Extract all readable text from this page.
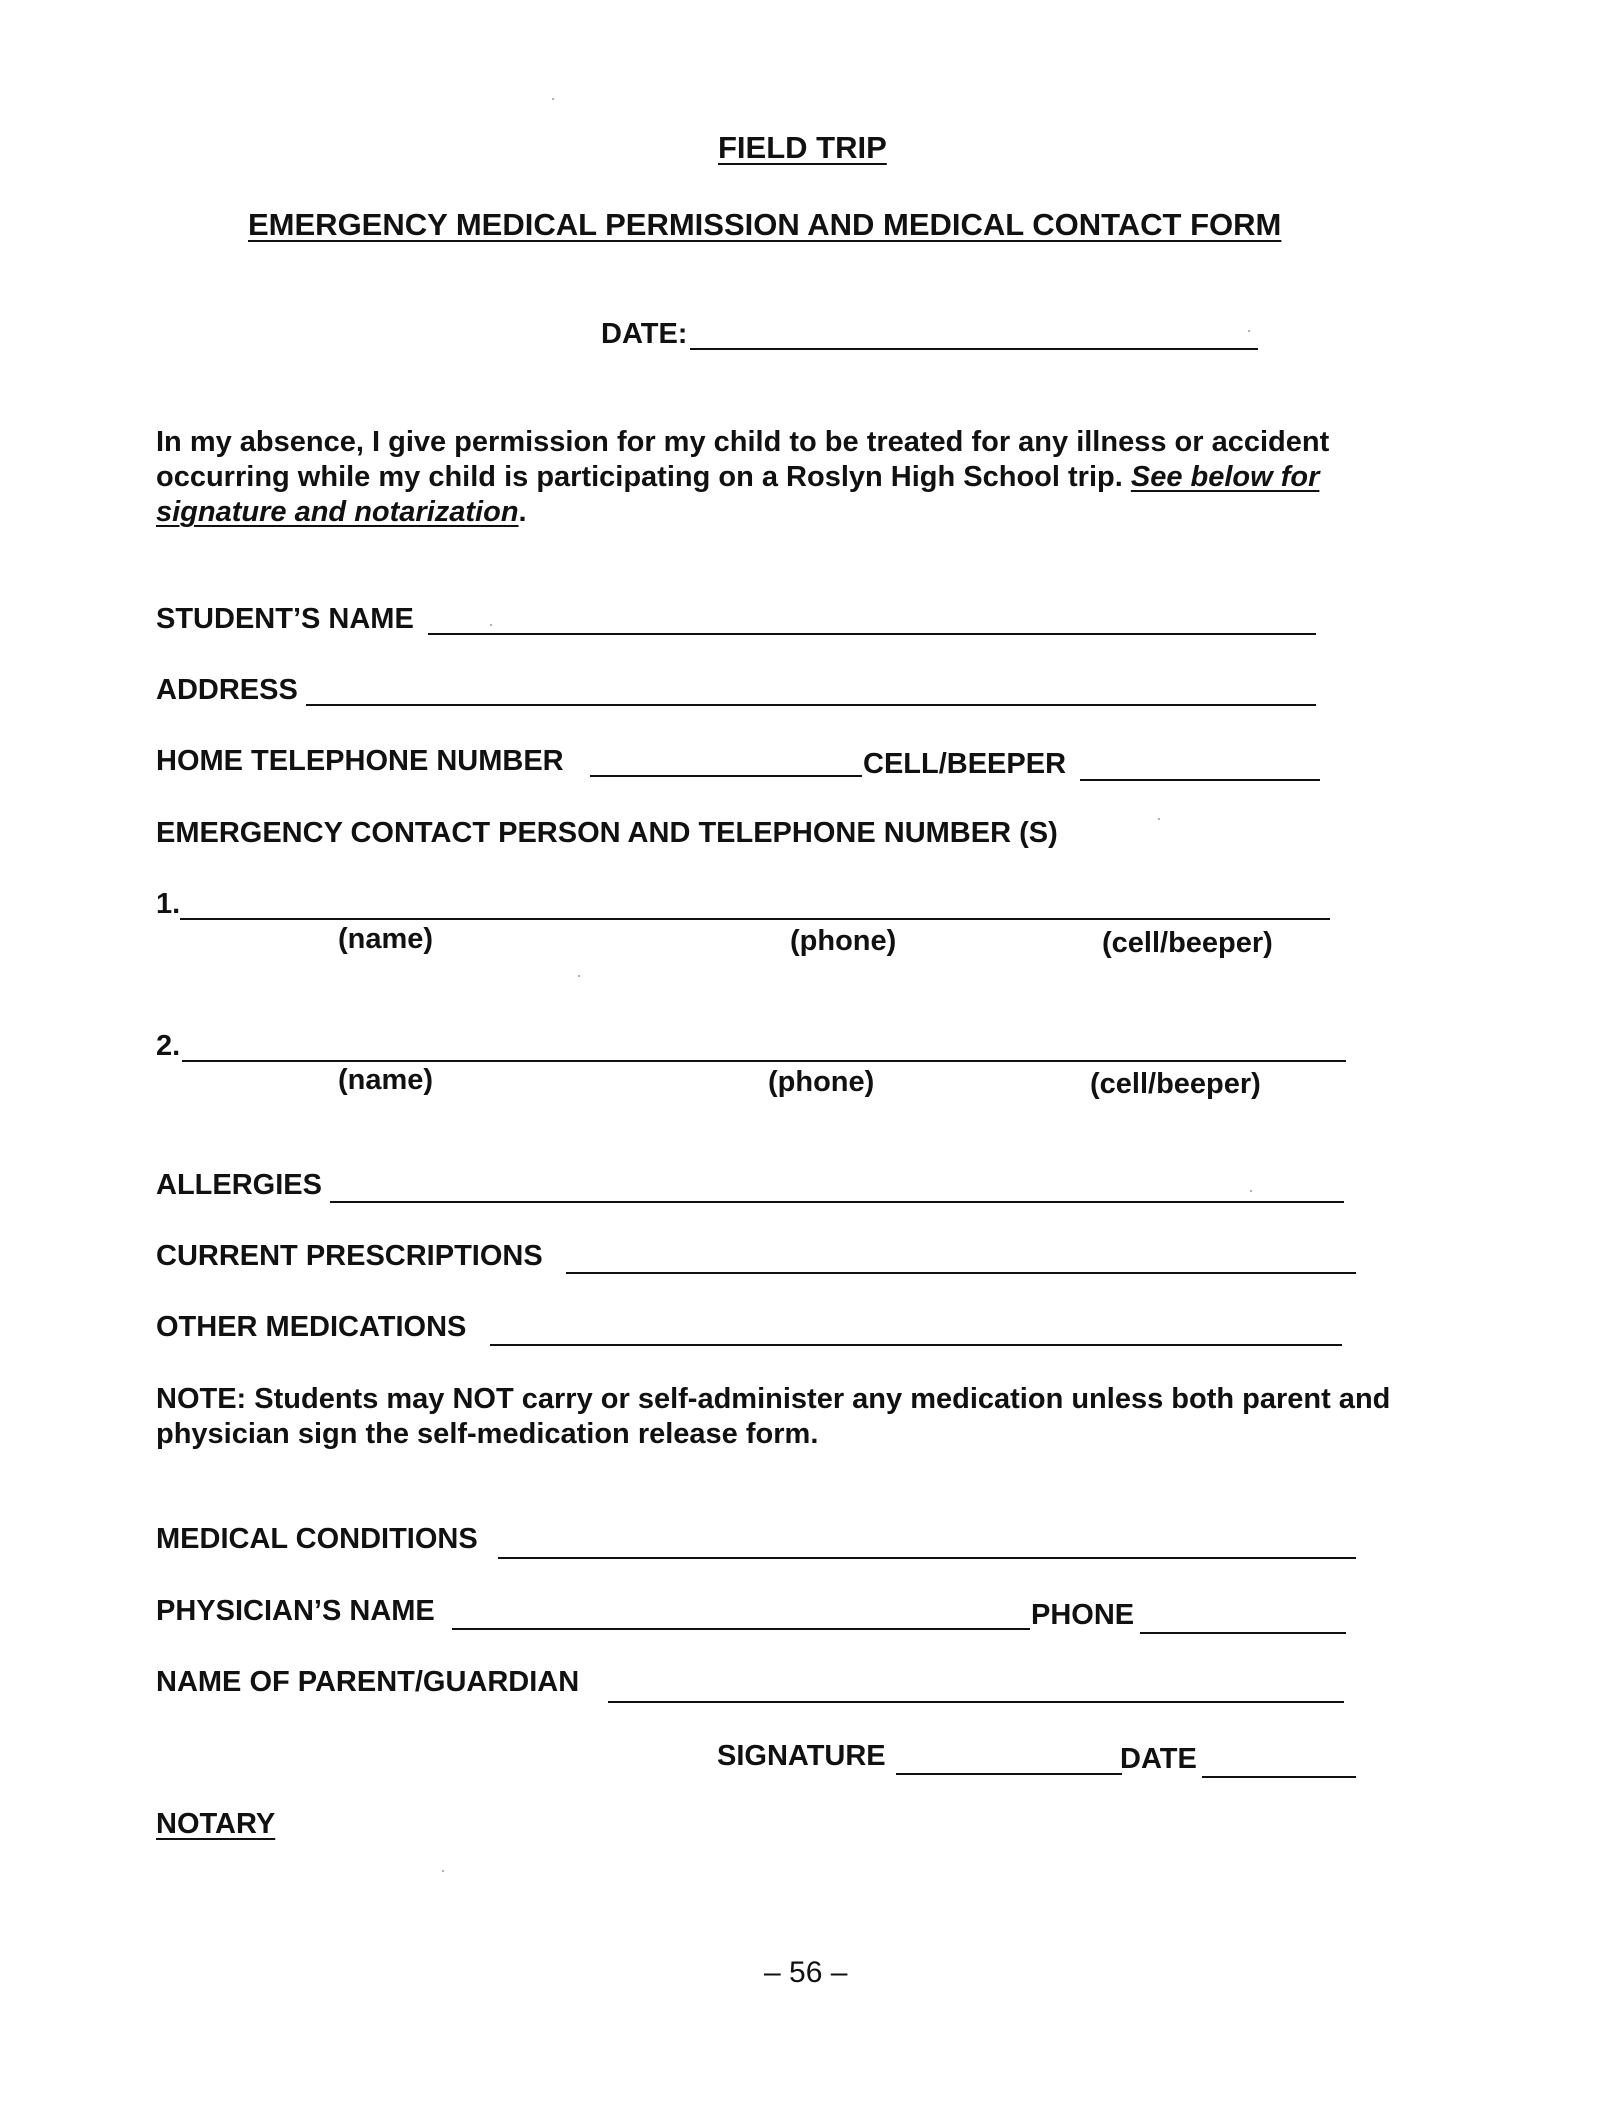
FIELD TRIP
EMERGENCY MEDICAL PERMISSION AND MEDICAL CONTACT FORM
DATE:
In my absence, I give permission for my child to be treated for any illness or accident occurring while my child is participating on a Roslyn High School trip. See below for signature and notarization.
STUDENT’S NAME
ADDRESS
HOME TELEPHONE NUMBER	CELL/BEEPER
EMERGENCY CONTACT PERSON AND TELEPHONE NUMBER (S)
1.
(name)	(phone)	(cell/beeper)
2.
(name)	(phone)	(cell/beeper)
ALLERGIES
CURRENT PRESCRIPTIONS
OTHER MEDICATIONS
NOTE: Students may NOT carry or self-administer any medication unless both parent and physician sign the self-medication release form.
MEDICAL CONDITIONS
PHYSICIAN’S NAME	PHONE
NAME OF PARENT/GUARDIAN
SIGNATURE	DATE
NOTARY
– 56 –
